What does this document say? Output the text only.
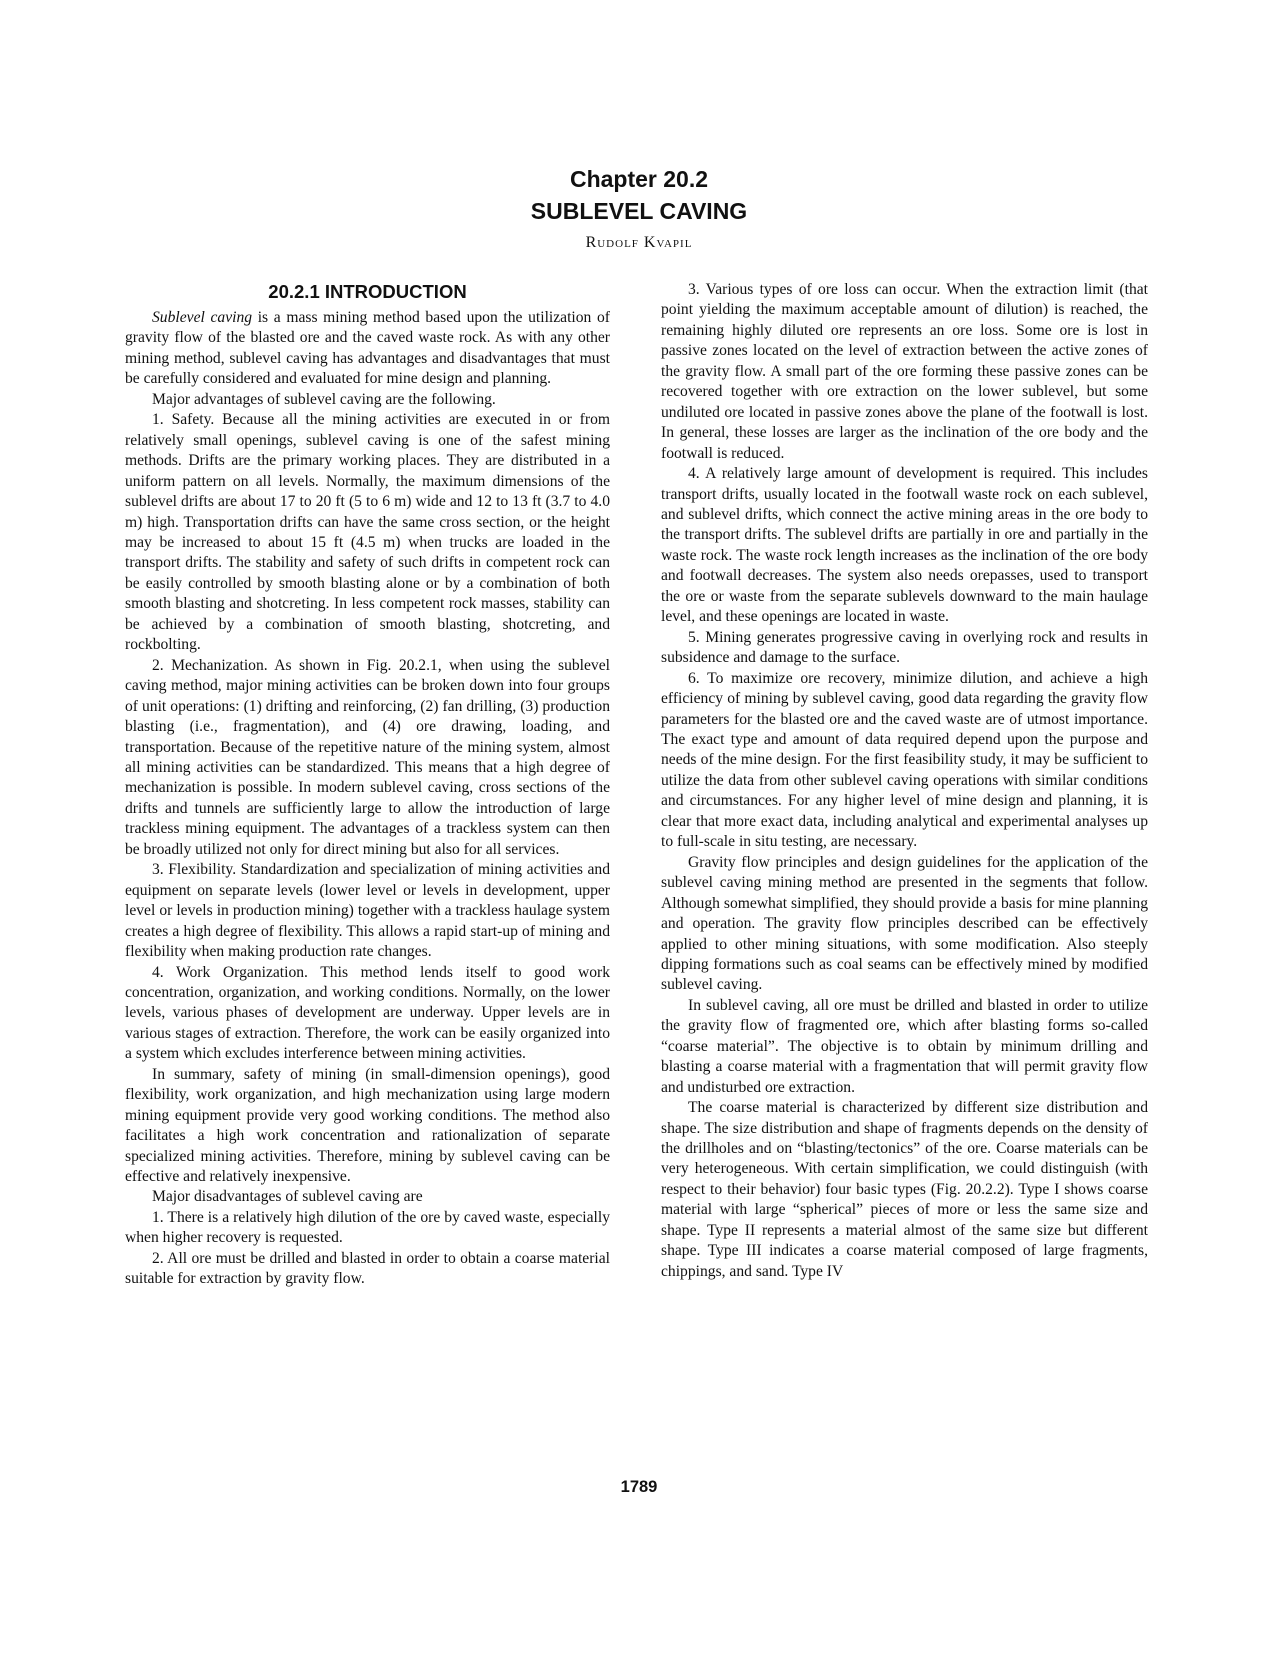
Chapter 20.2
SUBLEVEL CAVING
Rudolf Kvapil
20.2.1 INTRODUCTION

Sublevel caving is a mass mining method based upon the utilization of gravity flow of the blasted ore and the caved waste rock. As with any other mining method, sublevel caving has advantages and disadvantages that must be carefully considered and evaluated for mine design and planning.

Major advantages of sublevel caving are the following.

1. Safety. Because all the mining activities are executed in or from relatively small openings, sublevel caving is one of the safest mining methods. Drifts are the primary working places. They are distributed in a uniform pattern on all levels. Normally, the maximum dimensions of the sublevel drifts are about 17 to 20 ft (5 to 6 m) wide and 12 to 13 ft (3.7 to 4.0 m) high. Transportation drifts can have the same cross section, or the height may be increased to about 15 ft (4.5 m) when trucks are loaded in the transport drifts. The stability and safety of such drifts in competent rock can be easily controlled by smooth blasting alone or by a combination of both smooth blasting and shotcreting. In less competent rock masses, stability can be achieved by a combination of smooth blasting, shotcreting, and rockbolting.

2. Mechanization. As shown in Fig. 20.2.1, when using the sublevel caving method, major mining activities can be broken down into four groups of unit operations: (1) drifting and reinforcing, (2) fan drilling, (3) production blasting (i.e., fragmentation), and (4) ore drawing, loading, and transportation. Because of the repetitive nature of the mining system, almost all mining activities can be standardized. This means that a high degree of mechanization is possible. In modern sublevel caving, cross sections of the drifts and tunnels are sufficiently large to allow the introduction of large trackless mining equipment. The advantages of a trackless system can then be broadly utilized not only for direct mining but also for all services.

3. Flexibility. Standardization and specialization of mining activities and equipment on separate levels (lower level or levels in development, upper level or levels in production mining) together with a trackless haulage system creates a high degree of flexibility. This allows a rapid start-up of mining and flexibility when making production rate changes.

4. Work Organization. This method lends itself to good work concentration, organization, and working conditions. Normally, on the lower levels, various phases of development are underway. Upper levels are in various stages of extraction. Therefore, the work can be easily organized into a system which excludes interference between mining activities.

In summary, safety of mining (in small-dimension openings), good flexibility, work organization, and high mechanization using large modern mining equipment provide very good working conditions. The method also facilitates a high work concentration and rationalization of separate specialized mining activities. Therefore, mining by sublevel caving can be effective and relatively inexpensive.

Major disadvantages of sublevel caving are

1. There is a relatively high dilution of the ore by caved waste, especially when higher recovery is requested.

2. All ore must be drilled and blasted in order to obtain a coarse material suitable for extraction by gravity flow.

3. Various types of ore loss can occur. When the extraction limit (that point yielding the maximum acceptable amount of dilution) is reached, the remaining highly diluted ore represents an ore loss. Some ore is lost in passive zones located on the level of extraction between the active zones of the gravity flow. A small part of the ore forming these passive zones can be recovered together with ore extraction on the lower sublevel, but some undiluted ore located in passive zones above the plane of the footwall is lost. In general, these losses are larger as the inclination of the ore body and the footwall is reduced.

4. A relatively large amount of development is required. This includes transport drifts, usually located in the footwall waste rock on each sublevel, and sublevel drifts, which connect the active mining areas in the ore body to the transport drifts. The sublevel drifts are partially in ore and partially in the waste rock. The waste rock length increases as the inclination of the ore body and footwall decreases. The system also needs orepasses, used to transport the ore or waste from the separate sublevels downward to the main haulage level, and these openings are located in waste.

5. Mining generates progressive caving in overlying rock and results in subsidence and damage to the surface.

6. To maximize ore recovery, minimize dilution, and achieve a high efficiency of mining by sublevel caving, good data regarding the gravity flow parameters for the blasted ore and the caved waste are of utmost importance. The exact type and amount of data required depend upon the purpose and needs of the mine design. For the first feasibility study, it may be sufficient to utilize the data from other sublevel caving operations with similar conditions and circumstances. For any higher level of mine design and planning, it is clear that more exact data, including analytical and experimental analyses up to full-scale in situ testing, are necessary.

Gravity flow principles and design guidelines for the application of the sublevel caving mining method are presented in the segments that follow. Although somewhat simplified, they should provide a basis for mine planning and operation. The gravity flow principles described can be effectively applied to other mining situations, with some modification. Also steeply dipping formations such as coal seams can be effectively mined by modified sublevel caving.

In sublevel caving, all ore must be drilled and blasted in order to utilize the gravity flow of fragmented ore, which after blasting forms so-called “coarse material”. The objective is to obtain by minimum drilling and blasting a coarse material with a fragmentation that will permit gravity flow and undisturbed ore extraction.

The coarse material is characterized by different size distribution and shape. The size distribution and shape of fragments depends on the density of the drillholes and on “blasting/tectonics” of the ore. Coarse materials can be very heterogeneous. With certain simplification, we could distinguish (with respect to their behavior) four basic types (Fig. 20.2.2). Type I shows coarse material with large “spherical” pieces of more or less the same size and shape. Type II represents a material almost of the same size but different shape. Type III indicates a coarse material composed of large fragments, chippings, and sand. Type IV

1789
